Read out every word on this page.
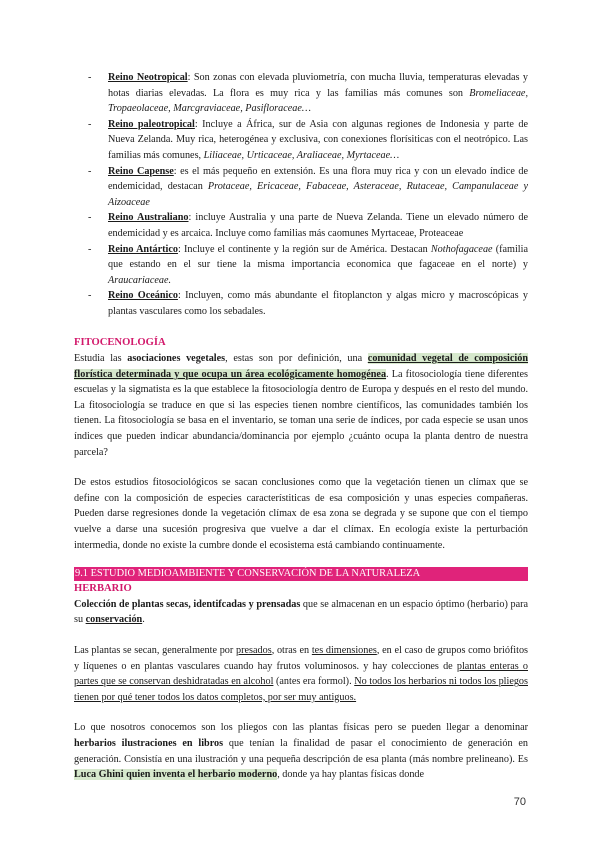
- Reino Neotropical: Son zonas con elevada pluviometría, con mucha lluvia, temperaturas elevadas y hotas diarias elevadas. La flora es muy rica y las familias más comunes son Bromeliaceae, Tropaeolaceae, Marcgraviaceae, Pasifloraceae…
- Reino paleotropical: Incluye a África, sur de Asia con algunas regiones de Indonesia y parte de Nueva Zelanda. Muy rica, heterogénea y exclusiva, con conexiones florísiticas con el neotrópico. Las familias más comunes, Liliaceae, Urticaceae, Araliaceae, Myrtaceae…
- Reino Capense: es el más pequeño en extensión. Es una flora muy rica y con un elevado índice de endemicidad, destacan Protaceae, Ericaceae, Fabaceae, Asteraceae, Rutaceae, Campanulaceae y Aizoaceae
- Reino Australiano: incluye Australia y una parte de Nueva Zelanda. Tiene un elevado número de endemicidad y es arcaica. Incluye como familias más caomunes Myrtaceae, Proteaceae
- Reino Antártico: Incluye el continente y la región sur de América. Destacan Nothofagaceae (familia que estando en el sur tiene la misma importancia economica que fagaceae en el norte) y Araucariaceae.
- Reino Oceánico: Incluyen, como más abundante el fitoplancton y algas micro y macroscópicas y plantas vasculares como los sebadales.
FITOCENOLOGÍA

Estudia las asociaciones vegetales, estas son por definición, una comunidad vegetal de composición florística determinada y que ocupa un área ecológicamente homogénea. La fitosociología tiene diferentes escuelas y la sigmatista es la que establece la fitosociología dentro de Europa y después en el resto del mundo. La fitosociología se traduce en que si las especies tienen nombre científicos, las comunidades también los tienen. La fitosociología se basa en el inventario, se toman una serie de índices, por cada especie se usan unos índices que pueden indicar abundancia/dominancia por ejemplo ¿cuánto ocupa la planta dentro de nuestra parcela?

De estos estudios fitosociológicos se sacan conclusiones como que la vegetación tienen un clímax que se define con la composición de especies característiticas de esa composición y unas especies compañeras. Pueden darse regresiones donde la vegetación clímax de esa zona se degrada y se supone que con el tiempo vuelve a darse una sucesión progresiva que vuelve a dar el clímax. En ecología existe la perturbación intermedia, donde no existe la cumbre donde el ecosistema está cambiando continuamente.

9.1 ESTUDIO MEDIOAMBIENTE Y CONSERVACIÓN DE LA NATURALEZA
HERBARIO

Colección de plantas secas, identifcadas y prensadas que se almacenan en un espacio óptimo (herbario) para su conservación.

Las plantas se secan, generalmente por presados, otras en tes dimensiones, en el caso de grupos como briófitos y líquenes o en plantas vasculares cuando hay frutos voluminosos. y hay colecciones de plantas enteras o partes que se conservan deshidratadas en alcohol (antes era formol). No todos los herbarios ni todos los pliegos tienen por qué tener todos los datos completos, por ser muy antiguos.

Lo que nosotros conocemos son los pliegos con las plantas físicas pero se pueden llegar a denominar herbarios ilustraciones en libros que tenían la finalidad de pasar el conocimiento de generación en generación. Consistía en una ilustración y una pequeña descripción de esa planta (más nombre prelineano). Es Luca Ghini quien inventa el herbario moderno, donde ya hay plantas físicas donde

70
